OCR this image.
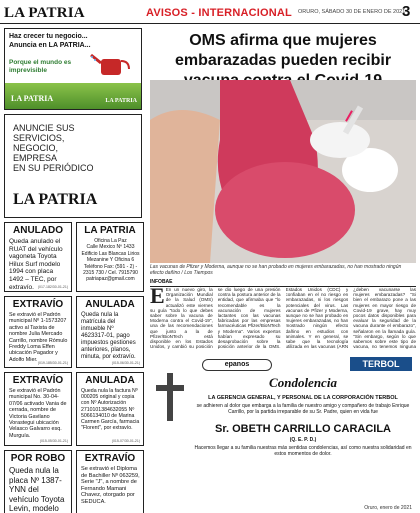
LA PATRIA	AVISOS - INTERNACIONAL ORURO, SÁBADO 30 DE ENERO DE 2021
3
Haz crecer tu negocio...
Anuncia en LA PATRIA...
Porque el mundo es imprevisible
LA PATRIA	LA PATRIA
ANUNCIE SUS
SERVICIOS,
NEGOCIO,
EMPRESA
EN SU PERIÓDICO
LA PATRIA
ANULADO
Queda anulado el RUAT del vehículo vagoneta Toyota Hilux Surf modelo 1994 con placa 1492 – TEC, por extravío.	(017-182/30-01-21)
LA PATRIA
Oficina La Paz
Calle Mexico Nº 1433
Edificio Las Blancas Lirios Mezanine Y Oficina 6
Teléfono Fax: (591 - 2) - 2315 730 / Cel. 7915790
patriapaz@gmail.com
EXTRAVÍO
Se extravió el Padrón municipal Nº 1-1573207 activo al Taxista de nombre Julia Mercado Carrillo, nombre Rómulo Freddy Loma Effen ubicación Pagador y Adolfo Mier.
(019-185/30-01-21)
ANULADA
Queda nula la matrícula del inmueble Nº 4623317-01, pago impuestos gestiones anteriores, planos, minuta, por extravío.
(015-06/30-01-21)
EXTRAVÍO
Se extravió el Padrón municipal No. 30-04-07/06 activado Vania de cerrada, nombre de Victoria Gavilano Vorastegui ubicación Velasco Galvarro esq. Murguía.
(015-05/30-01-21)
ANULADA
Queda nula la factura Nº 000205 original y copia con Nº Autorización 2710101384632055 Nº 5066134010 de Marina Carmen García, farmacia "Florent", por extravío.
(015-07/30-01-21)
POR ROBO
Queda nula la placa Nº 1387-YNN del vehículo Toyota Levin, modelo
EXTRAVÍO
Se extravió el Diploma de Bachiller Nº 063259, Serie "J", a nombre de Fernando Mamani Chavez, otorgado por SEDUCA.
OMS afirma que mujeres embarazadas pueden recibir
Las vacunas de Pfizer y Moderna, aunque no se han probado en mujeres embarazadas, no han mostrado ningún efecto dañino / Los Tiempos
INFOBAE
E En un nuevo giro, la Organización Mundial de la Salud (OMS) actualizó este viernes su guía "todo lo que debes saber sobre la vacuna de Moderna contra el Covid-19", una de las recomendaciones que junto a la de Pfizer/BioNTech está disponible en los Estados Unidos, y cambió su posición
se dio luego de una presión contra la postura anterior de la entidad, que afirmaba que "lo recomendable es la vacunación de mujeres lactantes con las vacunas fabricadas por las empresas farmacéuticas Pfizer/BioNTech y Moderna". Varios expertos habían expresado su desaprobación sobre la posición anterior de la OMS.
Estados Unidos (CDC) y confiaban en el no riesgo en embarazadas, ni los riesgos potenciales del virus. Las vacunas de Pfizer y Moderna, aunque no se han probado en mujeres embarazadas, no han mostrado ningún efecto dañino en estudios con animales. Y en general, se sabe que la tecnología utilizada en las vacunas (ARN
¿deben vacunarse las mujeres embarazadas? "Si bien el embarazo pone a las mujeres en mayor riesgo de Covid-19 grave, hay muy pocos datos disponibles para evaluar la seguridad de la vacuna durante el embarazo", señalaron en la llamada guía. "Sin embargo, según lo que sabemos sobre este tipo de vacuna, no tenemos ninguna
epanos	TERBOL
Condolencia
LA GERENCIA GENERAL, Y PERSONAL DE LA CORPORACIÓN TERBOL
se adhieren al dolor que embarga a la familia de nuestro amigo y compañero de trabajo Enrique Carrillo, por la partida irreparable de su Sr. Padre, quien en vida fue
Sr. OBETH CARRILLO CARACILA
(Q. E. P. D.)
Hacemos llegar a su familia nuestras más sentidas condolencias, así como nuestra solidaridad en estos momentos de dolor.
Oruro, enero de 2021
